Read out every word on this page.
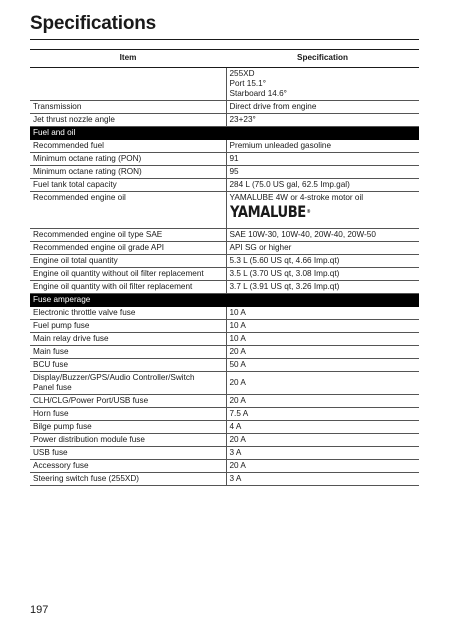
Specifications
Item	Specification

	255XD
Port 15.1°
Starboard 14.6°

Transmission	Direct drive from engine
Jet thrust nozzle angle	23+23°
Fuel and oil	
Recommended fuel	Premium unleaded gasoline
Minimum octane rating (PON)	91
Minimum octane rating (RON)	95
Fuel tank total capacity	284 L (75.0 US gal, 62.5 Imp.gal)
Recommended engine oil	YAMALUBE 4W or 4-stroke motor oil
YAMALUBE®
Recommended engine oil type SAE	SAE 10W-30, 10W-40, 20W-40, 20W-50
Recommended engine oil grade API	API SG or higher
Engine oil total quantity	5.3 L (5.60 US qt, 4.66 Imp.qt)
Engine oil quantity without oil filter replacement	3.5 L (3.70 US qt, 3.08 Imp.qt)
Engine oil quantity with oil filter replacement	3.7 L (3.91 US qt, 3.26 Imp.qt)
Fuse amperage	
Electronic throttle valve fuse	10 A
Fuel pump fuse	10 A
Main relay drive fuse	10 A
Main fuse	20 A
BCU fuse	50 A

Display/Buzzer/GPS/Audio Controller/Switch
Panel fuse	20 A
CLH/CLG/Power Port/USB fuse	20 A
Horn fuse	7.5 A
Bilge pump fuse	4 A
Power distribution module fuse	20 A
USB fuse	3 A
Accessory fuse	20 A
Steering switch fuse (255XD)	3 A
197
